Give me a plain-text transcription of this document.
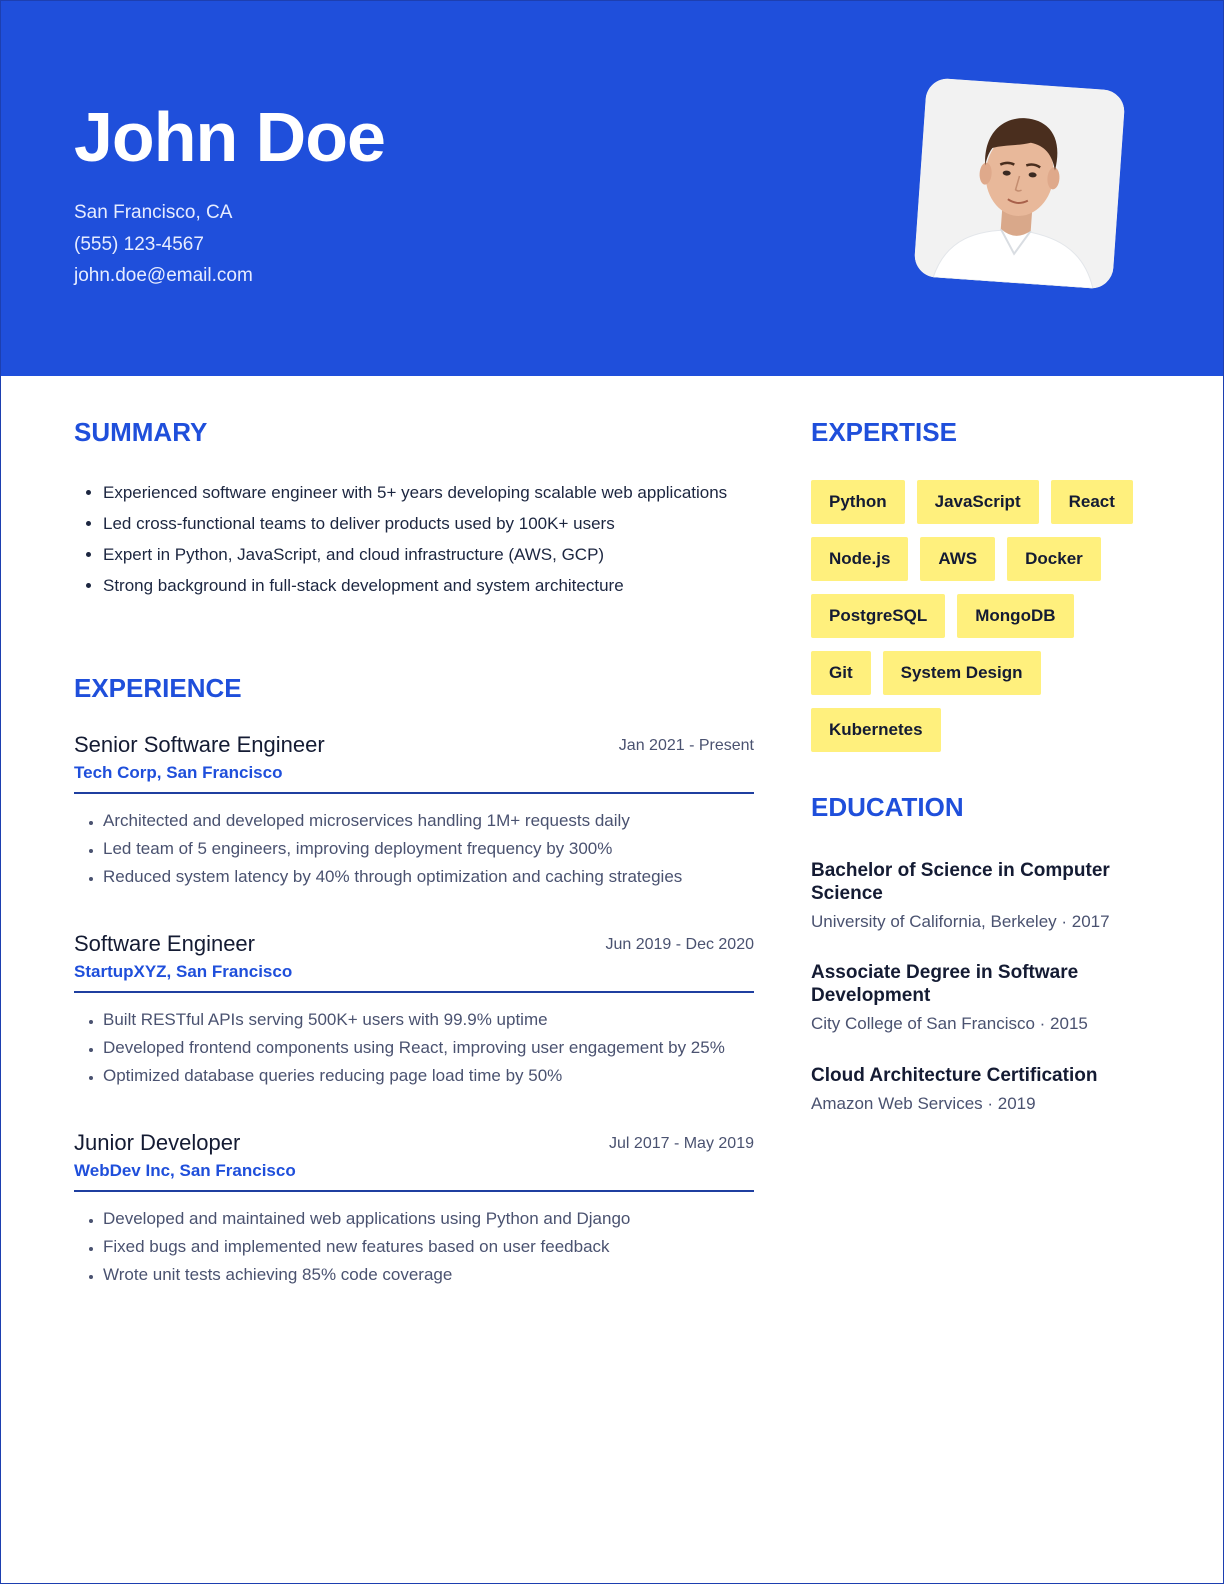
John Doe
San Francisco, CA
(555) 123-4567
john.doe@email.com
SUMMARY
• Experienced software engineer with 5+ years developing scalable web applications
• Led cross-functional teams to deliver products used by 100K+ users
• Expert in Python, JavaScript, and cloud infrastructure (AWS, GCP)
• Strong background in full-stack development and system architecture
EXPERIENCE
Senior Software Engineer	Jan 2021 - Present
Tech Corp, San Francisco
• Architected and developed microservices handling 1M+ requests daily
• Led team of 5 engineers, improving deployment frequency by 300%
• Reduced system latency by 40% through optimization and caching strategies
Software Engineer	Jun 2019 - Dec 2020
StartupXYZ, San Francisco
• Built RESTful APIs serving 500K+ users with 99.9% uptime
• Developed frontend components using React, improving user engagement by 25%
• Optimized database queries reducing page load time by 50%
Junior Developer	Jul 2017 - May 2019
WebDev Inc, San Francisco
• Developed and maintained web applications using Python and Django
• Fixed bugs and implemented new features based on user feedback
• Wrote unit tests achieving 85% code coverage
EXPERTISE
Python	JavaScript	React
Node.js	AWS	Docker
PostgreSQL	MongoDB
Git	System Design
Kubernetes
EDUCATION
Bachelor of Science in Computer Science
University of California, Berkeley · 2017
Associate Degree in Software Development
City College of San Francisco · 2015
Cloud Architecture Certification
Amazon Web Services · 2019
